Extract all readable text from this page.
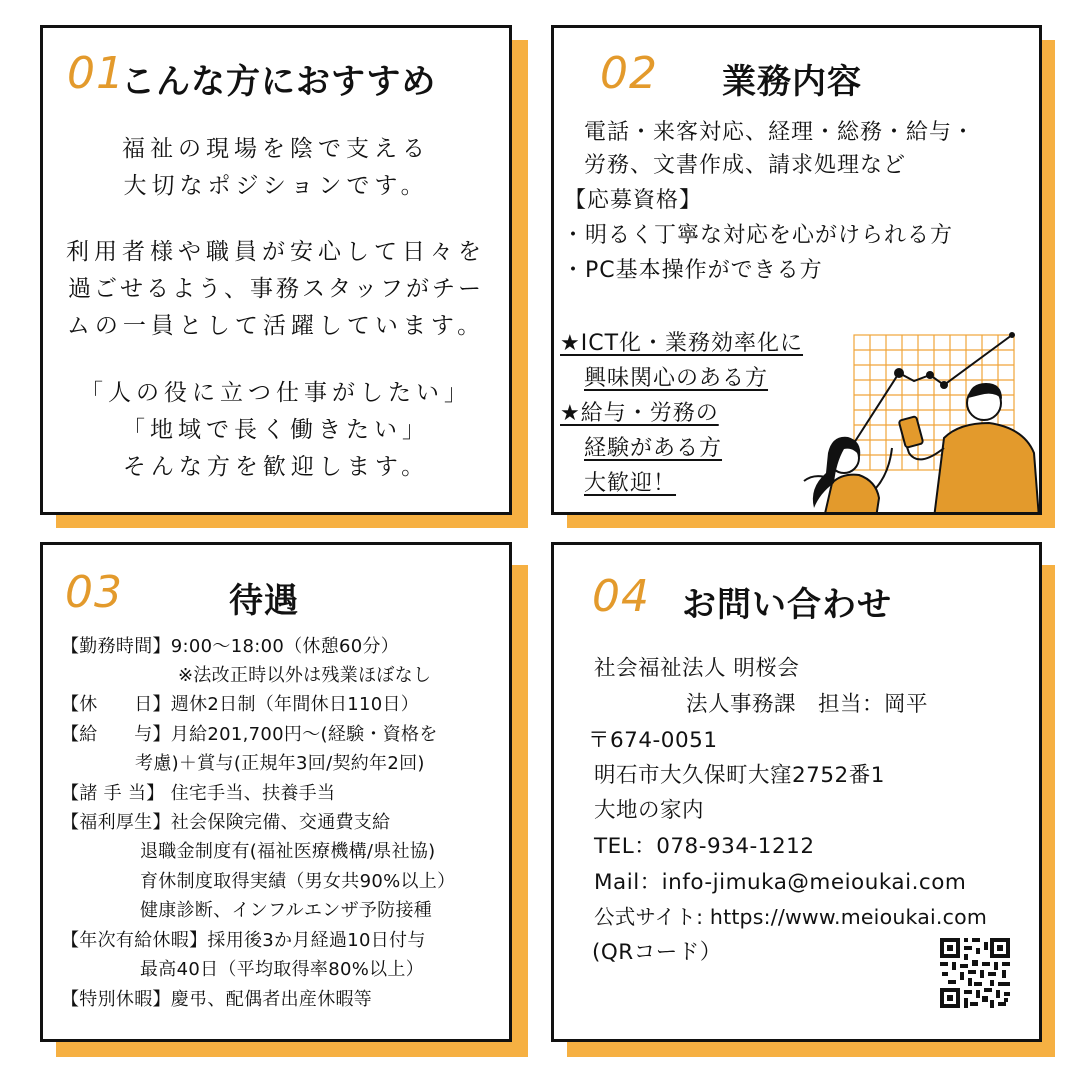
01
こんな方におすすめ
福祉の現場を陰で支える
大切なポジションです。
利用者様や職員が安心して日々を
過ごせるよう、事務スタッフがチー
ムの一員として活躍しています。
「人の役に立つ仕事がしたい」
「地域で長く働きたい」
そんな方を歓迎します。
02 業務内容
電話・来客対応、経理・総務・給与・
労務、文書作成、請求処理など
【応募資格】
・明るく丁寧な対応を心がけられる方
・PC基本操作ができる方
★ICT化・業務効率化に
興味関心のある方
★給与・労務の
経験がある方
大歓迎！
03	待遇
【勤務時間】9:00〜18:00（休憩60分）
※法改正時以外は残業ほぼなし
【休　　日】週休2日制（年間休日110日）
【給　　与】月給201,700円〜(経験・資格を
考慮)＋賞与(正規年3回/契約年2回)
【諸 手 当】 住宅手当、扶養手当
【福利厚生】社会保険完備、交通費支給
退職金制度有(福祉医療機構/県社協)
育休制度取得実績（男女共90%以上）
健康診断、インフルエンザ予防接種
【年次有給休暇】採用後3か月経過10日付与
最高40日（平均取得率80%以上）
【特別休暇】慶弔、配偶者出産休暇等
04 お問い合わせ
社会福祉法人 明桜会
法人事務課　担当：岡平
〒674-0051
明石市大久保町大窪2752番1
大地の家内
TEL：078-934-1212
Mail：info-jimuka@meioukai.com
公式サイト: https://www.meioukai.com
(QRコード）
